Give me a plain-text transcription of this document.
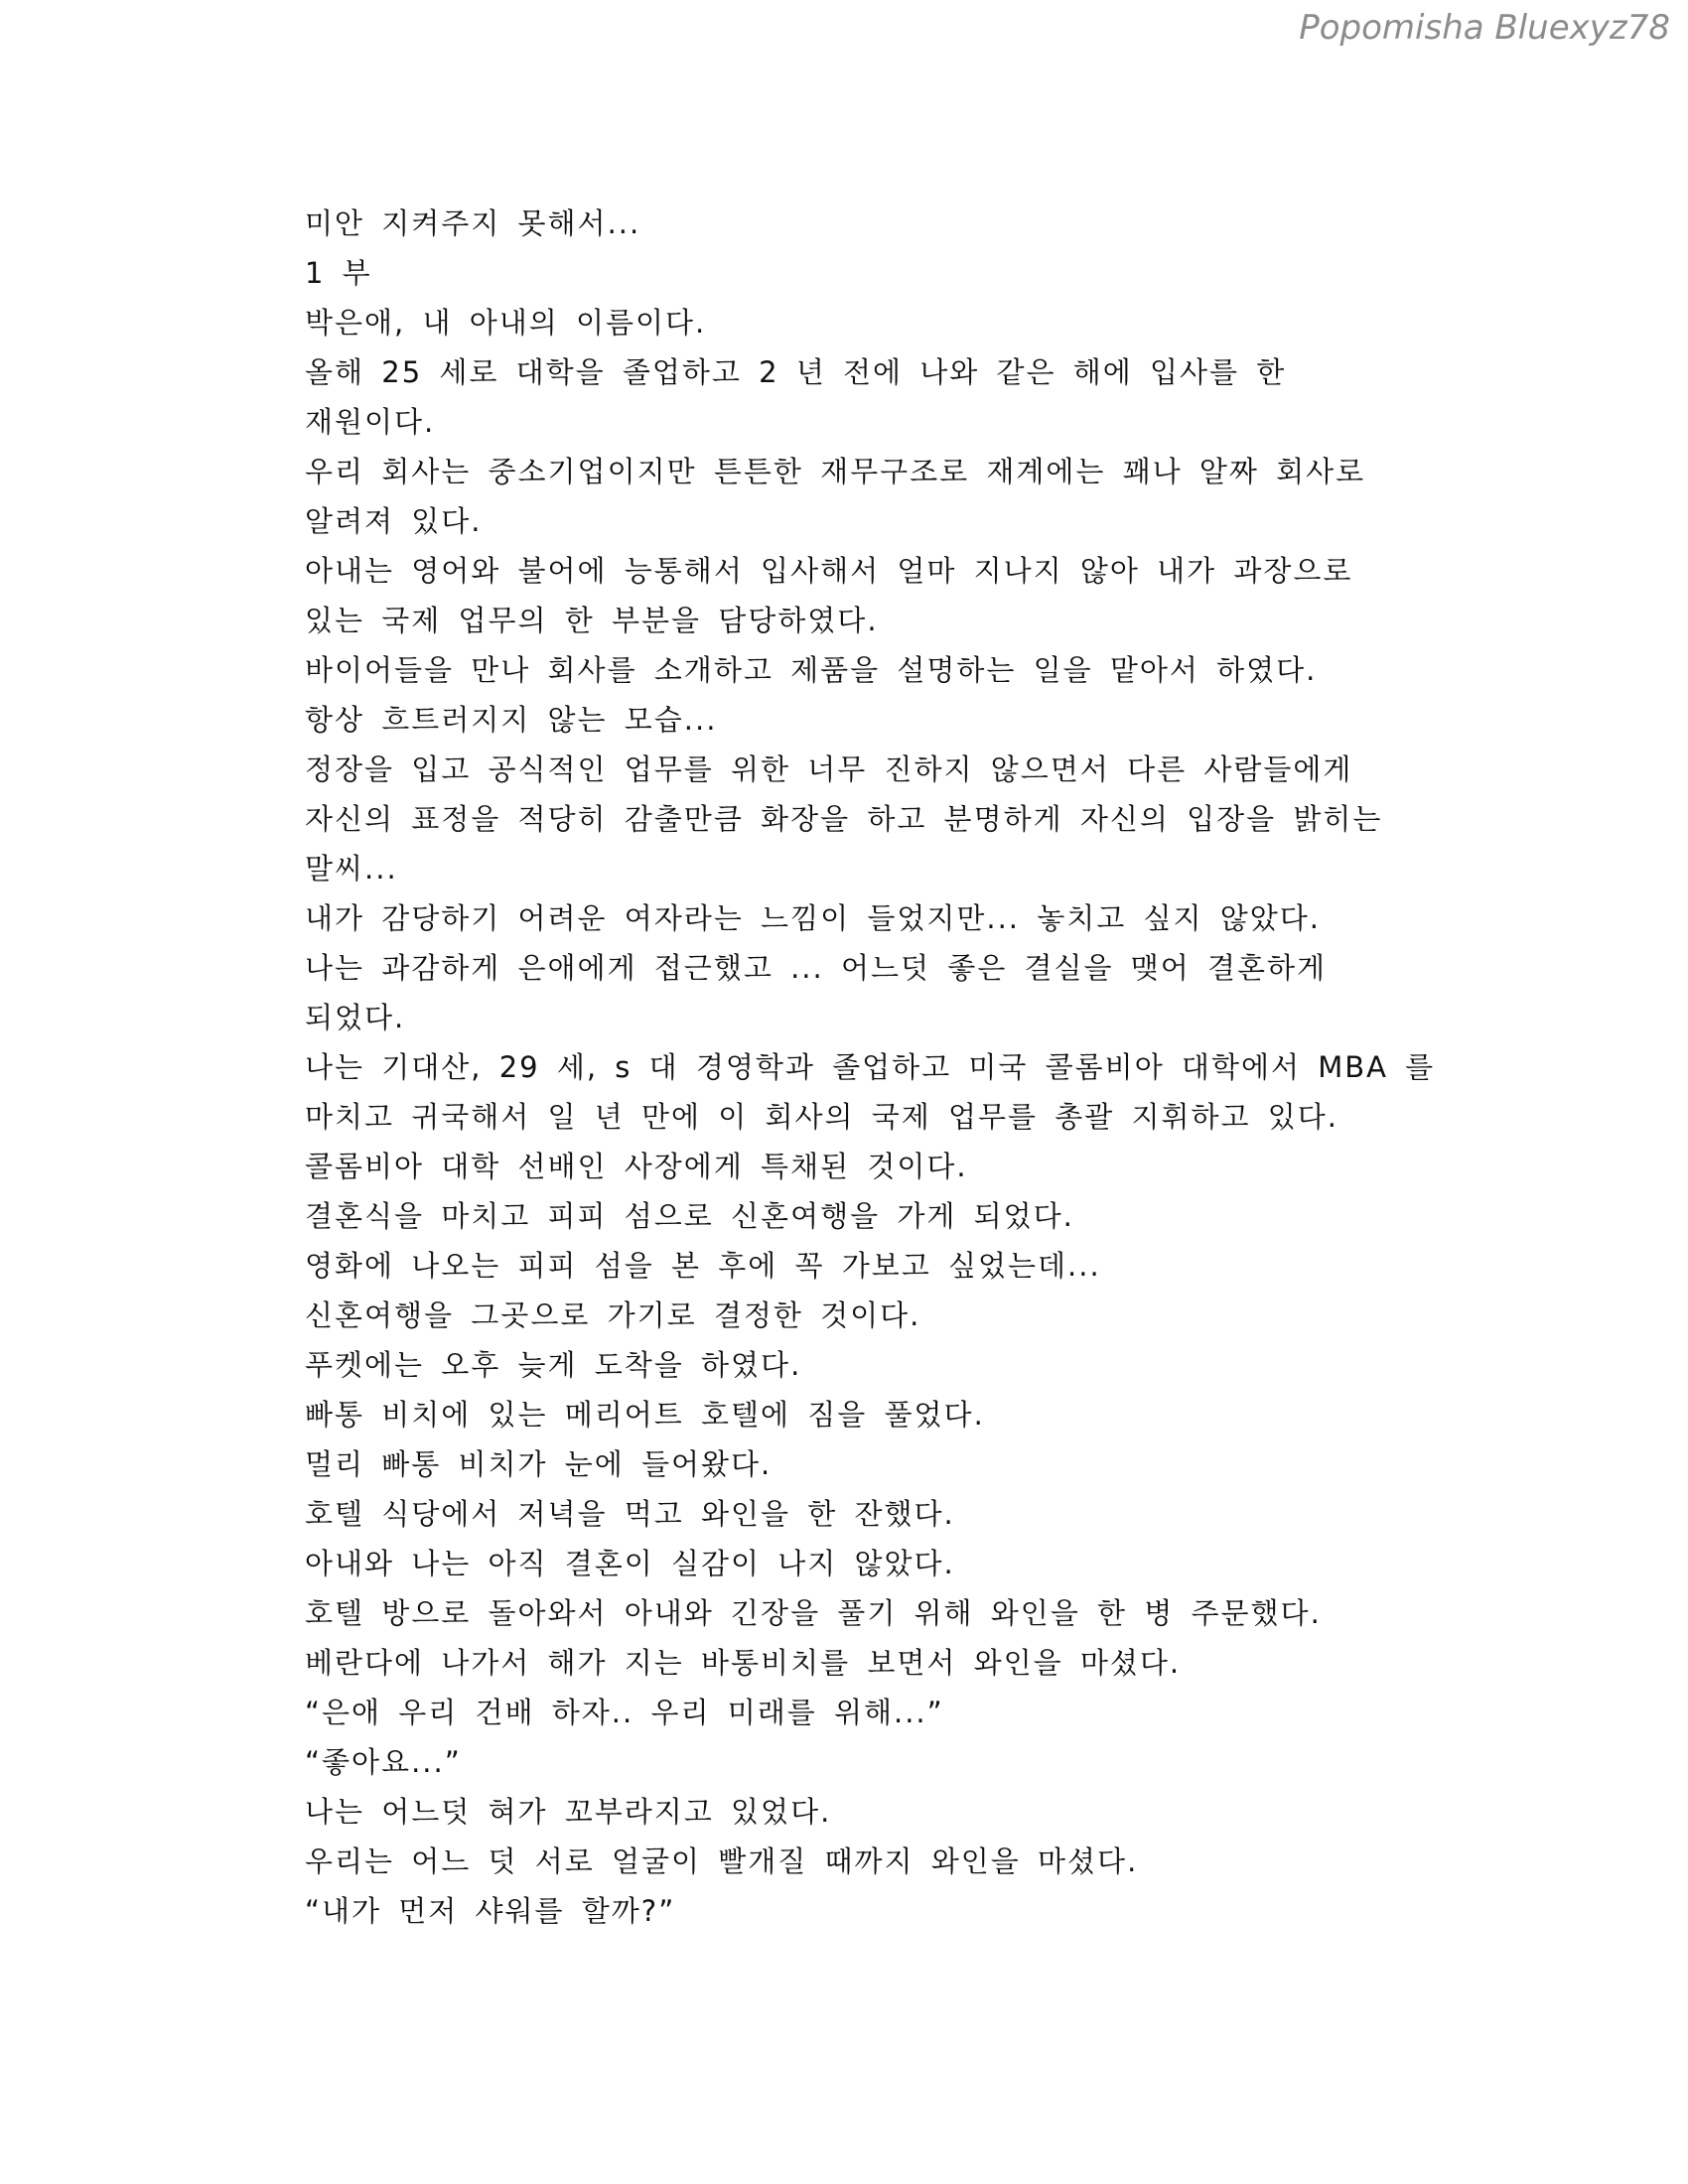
Popomisha Bluexyz78
미안 지켜주지 못해서...
1 부
박은애, 내 아내의 이름이다.
올해 25 세로 대학을 졸업하고 2 년 전에 나와 같은 해에 입사를 한
재원이다.
우리 회사는 중소기업이지만 튼튼한 재무구조로 재계에는 꽤나 알짜 회사로
알려져 있다.
아내는 영어와 불어에 능통해서 입사해서 얼마 지나지 않아 내가 과장으로
있는 국제 업무의 한 부분을 담당하였다.
바이어들을 만나 회사를 소개하고 제품을 설명하는 일을 맡아서 하였다.
항상 흐트러지지 않는 모습...
정장을 입고 공식적인 업무를 위한 너무 진하지 않으면서 다른 사람들에게
자신의 표정을 적당히 감출만큼 화장을 하고 분명하게 자신의 입장을 밝히는
말씨...
내가 감당하기 어려운 여자라는 느낌이 들었지만... 놓치고 싶지 않았다.
나는 과감하게 은애에게 접근했고 ... 어느덧 좋은 결실을 맺어 결혼하게
되었다.
나는 기대산, 29 세, s 대 경영학과 졸업하고 미국 콜롬비아 대학에서 MBA 를
마치고 귀국해서 일 년 만에 이 회사의 국제 업무를 총괄 지휘하고 있다.
콜롬비아 대학 선배인 사장에게 특채된 것이다.
결혼식을 마치고 피피 섬으로 신혼여행을 가게 되었다.
영화에 나오는 피피 섬을 본 후에 꼭 가보고 싶었는데...
신혼여행을 그곳으로 가기로 결정한 것이다.
푸켓에는 오후 늦게 도착을 하였다.
빠통 비치에 있는 메리어트 호텔에 짐을 풀었다.
멀리 빠통 비치가 눈에 들어왔다.
호텔 식당에서 저녁을 먹고 와인을 한 잔했다.
아내와 나는 아직 결혼이 실감이 나지 않았다.
호텔 방으로 돌아와서 아내와 긴장을 풀기 위해 와인을 한 병 주문했다.
베란다에 나가서 해가 지는 바통비치를 보면서 와인을 마셨다.
“은애 우리 건배 하자.. 우리 미래를 위해...”
“좋아요...”
나는 어느덧 혀가 꼬부라지고 있었다.
우리는 어느 덧 서로 얼굴이 빨개질 때까지 와인을 마셨다.
“내가 먼저 샤워를 할까?”
